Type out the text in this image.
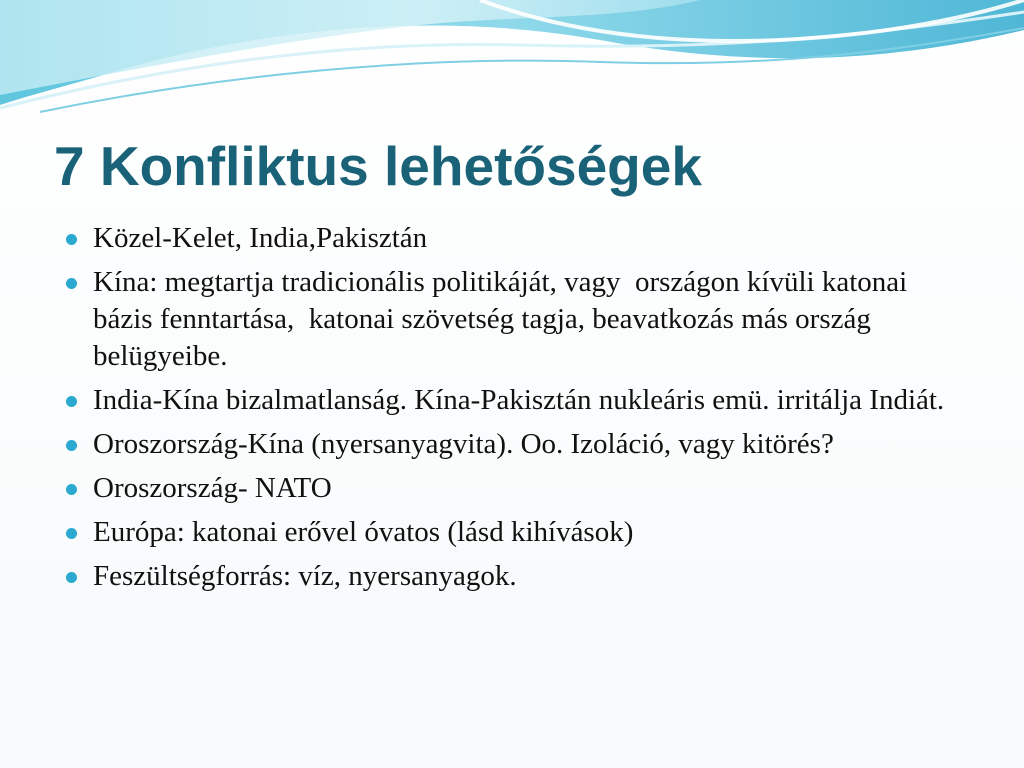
7 Konfliktus lehetőségek
Közel-Kelet, India,Pakisztán
Kína: megtartja tradicionális politikáját, vagy  országon kívüli katonai bázis fenntartása,  katonai szövetség tagja, beavatkozás más ország belügyeibe.
India-Kína bizalmatlanság. Kína-Pakisztán nukleáris emü. irritálja Indiát.
Oroszország-Kína (nyersanyagvita). Oo. Izoláció, vagy kitörés?
Oroszország- NATO
Európa: katonai erővel óvatos (lásd kihívások)
Feszültségforrás: víz, nyersanyagok.
